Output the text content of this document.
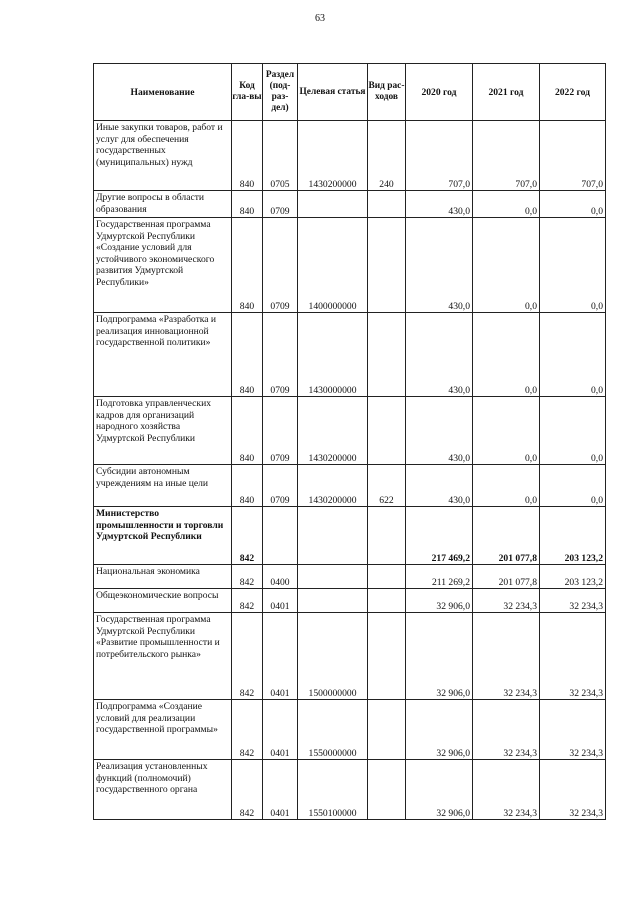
63
Наименование	Код гла-вы	Раздел (под-раз-дел)	Целевая статья	Вид рас-ходов	2020 год	2021 год	2022 год
Иные закупки товаров, работ и услуг для обеспечения государственных (муниципальных) нужд	840	0705	1430200000	240	707,0	707,0	707,0
Другие вопросы в области образования	840	0709			430,0	0,0	0,0
Государственная программа Удмуртской Республики «Создание условий для устойчивого экономического развития Удмуртской Республики»	840	0709	1400000000		430,0	0,0	0,0
Подпрограмма «Разработка и реализация инновационной государственной политики»	840	0709	1430000000		430,0	0,0	0,0
Подготовка управленческих кадров для организаций народного хозяйства Удмуртской Республики	840	0709	1430200000		430,0	0,0	0,0
Субсидии автономным учреждениям на иные цели	840	0709	1430200000	622	430,0	0,0	0,0
Министерство промышленности и торговли Удмуртской Республики	842				217 469,2	201 077,8	203 123,2
Национальная экономика	842	0400			211 269,2	201 077,8	203 123,2
Общеэкономические вопросы	842	0401			32 906,0	32 234,3	32 234,3
Государственная программа Удмуртской Республики «Развитие промышленности и потребительского рынка»	842	0401	1500000000		32 906,0	32 234,3	32 234,3
Подпрограмма «Создание условий для реализации государственной программы»	842	0401	1550000000		32 906,0	32 234,3	32 234,3
Реализация установленных функций (полномочий) государственного органа	842	0401	1550100000		32 906,0	32 234,3	32 234,3
